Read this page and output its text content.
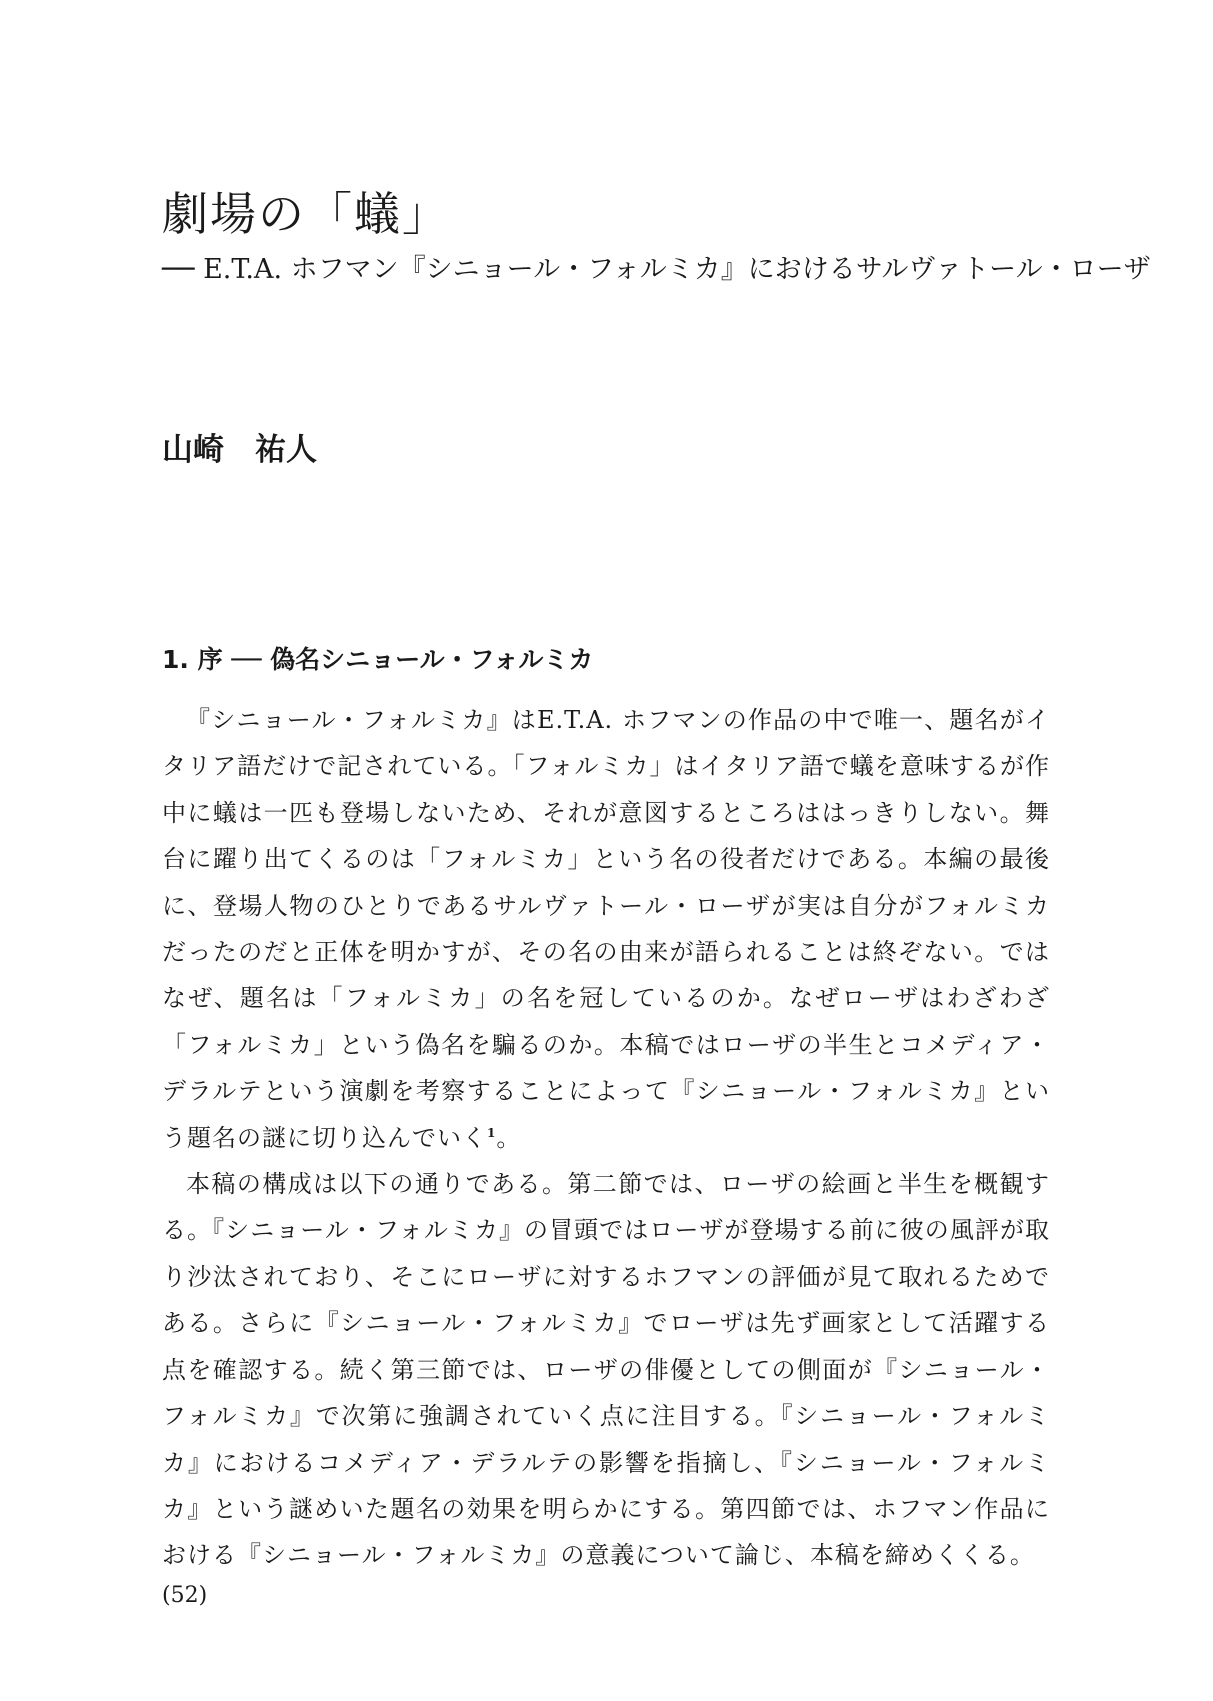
劇場の「蟻」
── E.T.A. ホフマン『シニョール・フォルミカ』におけるサルヴァトール・ローザ
山崎　祐人
1. 序 ── 偽名シニョール・フォルミカ

『シニョール・フォルミカ』はE.T.A. ホフマンの作品の中で唯一、題名がイタリア語だけで記されている。「フォルミカ」はイタリア語で蟻を意味するが作中に蟻は一匹も登場しないため、それが意図するところははっきりしない。舞台に躍り出てくるのは「フォルミカ」という名の役者だけである。本編の最後に、登場人物のひとりであるサルヴァトール・ローザが実は自分がフォルミカだったのだと正体を明かすが、その名の由来が語られることは終ぞない。ではなぜ、題名は「フォルミカ」の名を冠しているのか。なぜローザはわざわざ「フォルミカ」という偽名を騙るのか。本稿ではローザの半生とコメディア・デラルテという演劇を考察することによって『シニョール・フォルミカ』という題名の謎に切り込んでいく$^1$。

本稿の構成は以下の通りである。第二節では、ローザの絵画と半生を概観する。『シニョール・フォルミカ』の冒頭ではローザが登場する前に彼の風評が取り沙汰されており、そこにローザに対するホフマンの評価が見て取れるためである。さらに『シニョール・フォルミカ』でローザは先ず画家として活躍する点を確認する。続く第三節では、ローザの俳優としての側面が『シニョール・フォルミカ』で次第に強調されていく点に注目する。『シニョール・フォルミカ』におけるコメディア・デラルテの影響を指摘し、『シニョール・フォルミカ』という謎めいた題名の効果を明らかにする。第四節では、ホフマン作品における『シニョール・フォルミカ』の意義について論じ、本稿を締めくくる。

(52)
